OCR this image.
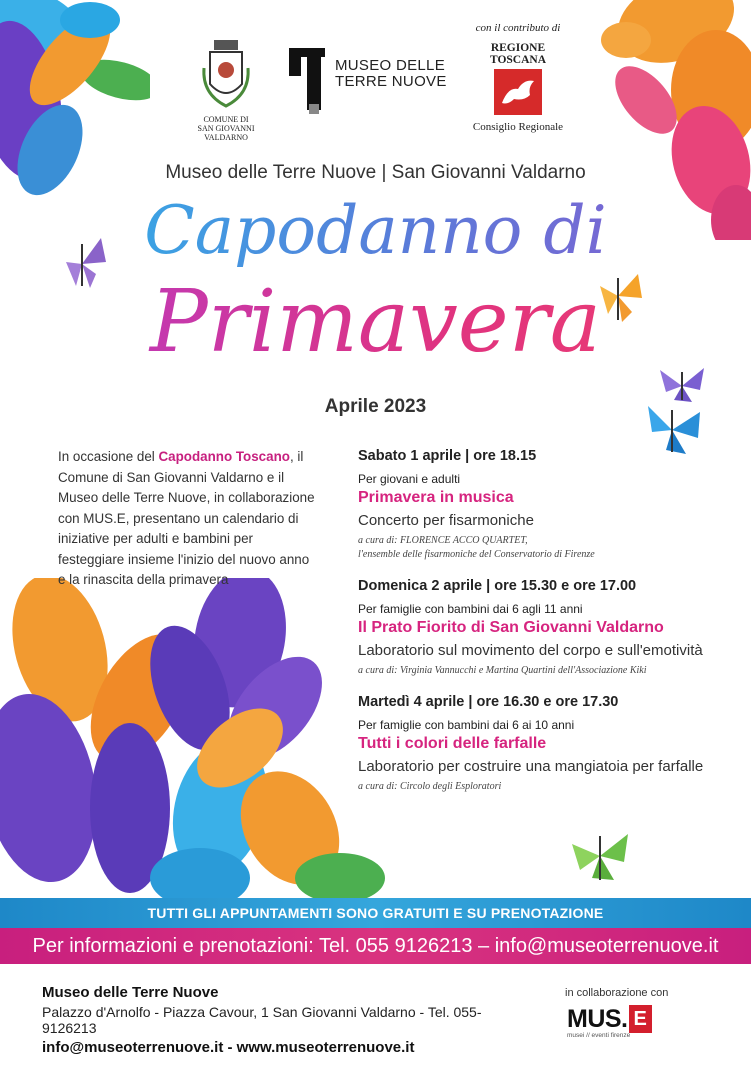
COMUNE DI
SAN GIOVANNI VALDARNO
MUSEO DELLE
TERRE NUOVE
con il contributo di
REGIONE TOSCANA
Consiglio Regionale
Museo delle Terre Nuove | San Giovanni Valdarno
Capodanno di
Primavera
Aprile 2023
In occasione del Capodanno Toscano, il Comune di San Giovanni Valdarno e il Museo delle Terre Nuove, in collaborazione con MUS.E, presentano un calendario di iniziative per adulti e bambini per festeggiare insieme l'inizio del nuovo anno e la rinascita della primavera
Sabato 1 aprile | ore 18.15
Per giovani e adulti
Primavera in musica
Concerto per fisarmoniche
a cura di: FLORENCE ACCO QUARTET,
l'ensemble delle fisarmoniche del Conservatorio di Firenze
Domenica 2 aprile | ore 15.30 e ore 17.00
Per famiglie con bambini dai 6 agli 11 anni
Il Prato Fiorito di San Giovanni Valdarno
Laboratorio sul movimento del corpo e sull'emotività
a cura di: Virginia Vannucchi e Martina Quartini dell'Associazione Kiki
Martedì 4 aprile | ore 16.30 e ore 17.30
Per famiglie con bambini dai 6 ai 10 anni
Tutti i colori delle farfalle
Laboratorio per costruire una mangiatoia per farfalle
a cura di: Circolo degli Esploratori
TUTTI GLI APPUNTAMENTI SONO GRATUITI E SU PRENOTAZIONE
Per informazioni e prenotazioni: Tel. 055 9126213 – info@museoterrenuove.it
Museo delle Terre Nuove
Palazzo d'Arnolfo - Piazza Cavour, 1 San Giovanni Valdarno - Tel. 055-9126213
info@museoterrenuove.it - www.museoterrenuove.it
in collaborazione con
MUS. E
musei // eventi firenze
